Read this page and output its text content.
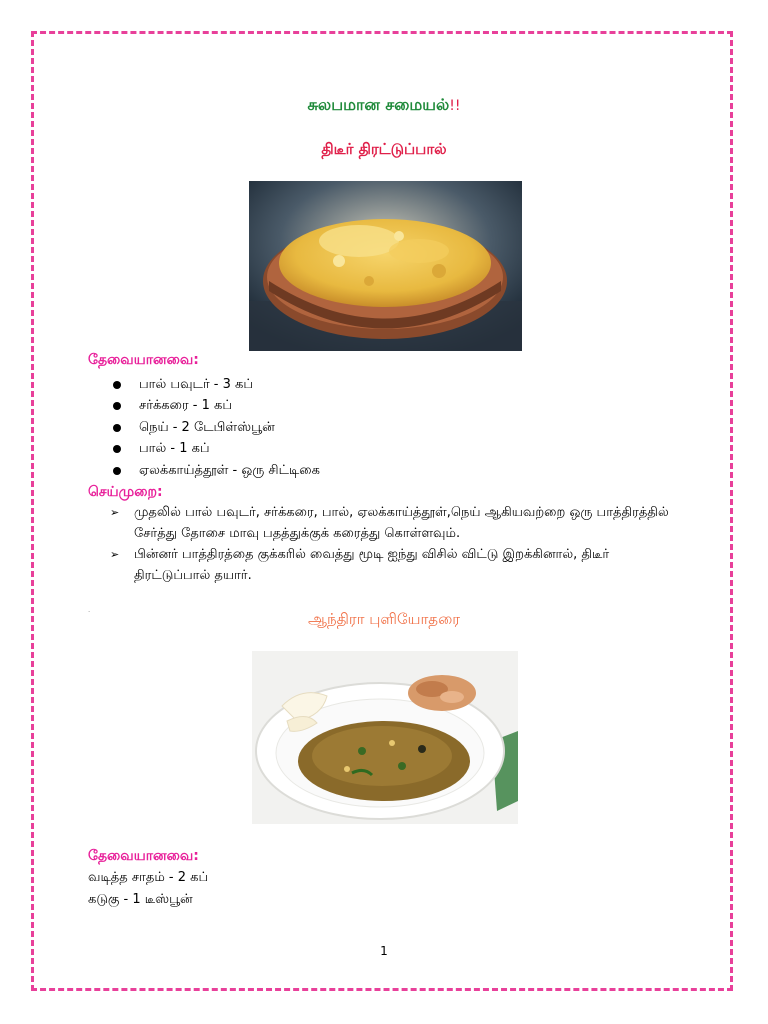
சுலபமான சமையல்!!
திடீர் திரட்டுப்பால்
தேவையானவை:
பால் பவுடர் - 3 கப்
சர்க்கரை - 1 கப்
நெய் - 2 டேபிள்ஸ்பூன்
பால் - 1 கப்
ஏலக்காய்த்தூள் - ஒரு சிட்டிகை
செய்முறை:
➢ முதலில் பால் பவுடர், சர்க்கரை, பால், ஏலக்காய்த்தூள்,நெய் ஆகியவற்றை ஒரு பாத்திரத்தில் சேர்த்து தோசை மாவு பதத்துக்குக் கரைத்து கொள்ளவும்.
➢ பின்னர் பாத்திரத்தை குக்கரில் வைத்து மூடி ஐந்து விசில் விட்டு இறக்கினால், திடீர் திரட்டுப்பால் தயார்.
.	ஆந்திரா புளியோதரை
தேவையானவை:
வடித்த சாதம் - 2 கப்
கடுகு - 1 டீஸ்பூன்
1
